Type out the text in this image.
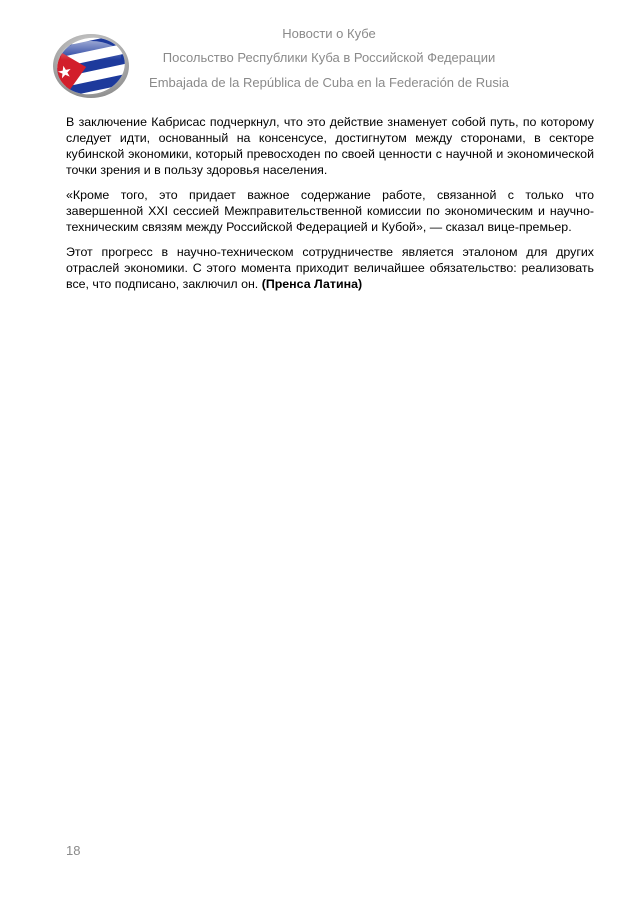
Новости о Кубе
Посольство Республики Куба в Российской Федерации
Embajada de la República de Cuba en la Federación de Rusia

В заключение Кабрисас подчеркнул, что это действие знаменует собой путь, по которому следует идти, основанный на консенсусе, достигнутом между сторонами, в секторе кубинской экономики, который превосходен по своей ценности с научной и экономической точки зрения и в пользу здоровья населения.

«Кроме того, это придает важное содержание работе, связанной с только что завершенной XXI сессией Межправительственной комиссии по экономическим и научно-техническим связям между Российской Федерацией и Кубой», — сказал вице-премьер.

Этот прогресс в научно-техническом сотрудничестве является эталоном для других отраслей экономики. С этого момента приходит величайшее обязательство: реализовать все, что подписано, заключил он. (Пренса Латина)

18
